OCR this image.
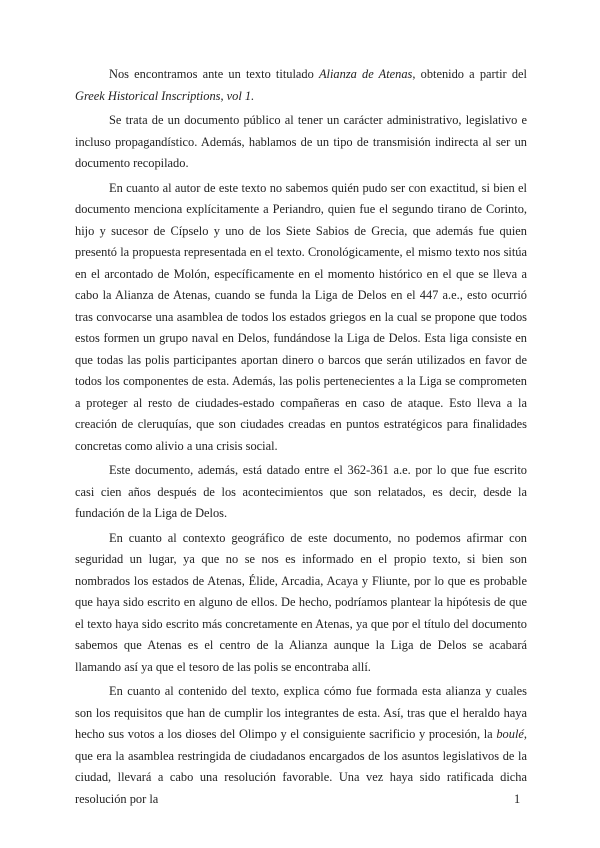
Nos encontramos ante un texto titulado Alianza de Atenas, obtenido a partir del Greek Historical Inscriptions, vol 1.

Se trata de un documento público al tener un carácter administrativo, legislativo e incluso propagandístico. Además, hablamos de un tipo de transmisión indirecta al ser un documento recopilado.

En cuanto al autor de este texto no sabemos quién pudo ser con exactitud, si bien el documento menciona explícitamente a Periandro, quien fue el segundo tirano de Corinto, hijo y sucesor de Cípselo y uno de los Siete Sabios de Grecia, que además fue quien presentó la propuesta representada en el texto. Cronológicamente, el mismo texto nos sitúa en el arcontado de Molón, específicamente en el momento histórico en el que se lleva a cabo la Alianza de Atenas, cuando se funda la Liga de Delos en el 447 a.e., esto ocurrió tras convocarse una asamblea de todos los estados griegos en la cual se propone que todos estos formen un grupo naval en Delos, fundándose la Liga de Delos. Esta liga consiste en que todas las polis participantes aportan dinero o barcos que serán utilizados en favor de todos los componentes de esta. Además, las polis pertenecientes a la Liga se comprometen a proteger al resto de ciudades-estado compañeras en caso de ataque. Esto lleva a la creación de cleruquías, que son ciudades creadas en puntos estratégicos para finalidades concretas como alivio a una crisis social.

Este documento, además, está datado entre el 362-361 a.e. por lo que fue escrito casi cien años después de los acontecimientos que son relatados, es decir, desde la fundación de la Liga de Delos.

En cuanto al contexto geográfico de este documento, no podemos afirmar con seguridad un lugar, ya que no se nos es informado en el propio texto, si bien son nombrados los estados de Atenas, Élide, Arcadia, Acaya y Fliunte, por lo que es probable que haya sido escrito en alguno de ellos. De hecho, podríamos plantear la hipótesis de que el texto haya sido escrito más concretamente en Atenas, ya que por el título del documento sabemos que Atenas es el centro de la Alianza aunque la Liga de Delos se acabará llamando así ya que el tesoro de las polis se encontraba allí.

En cuanto al contenido del texto, explica cómo fue formada esta alianza y cuales son los requisitos que han de cumplir los integrantes de esta. Así, tras que el heraldo haya hecho sus votos a los dioses del Olimpo y el consiguiente sacrificio y procesión, la boulé, que era la asamblea restringida de ciudadanos encargados de los asuntos legislativos de la ciudad, llevará a cabo una resolución favorable. Una vez haya sido ratificada dicha resolución por la	1
